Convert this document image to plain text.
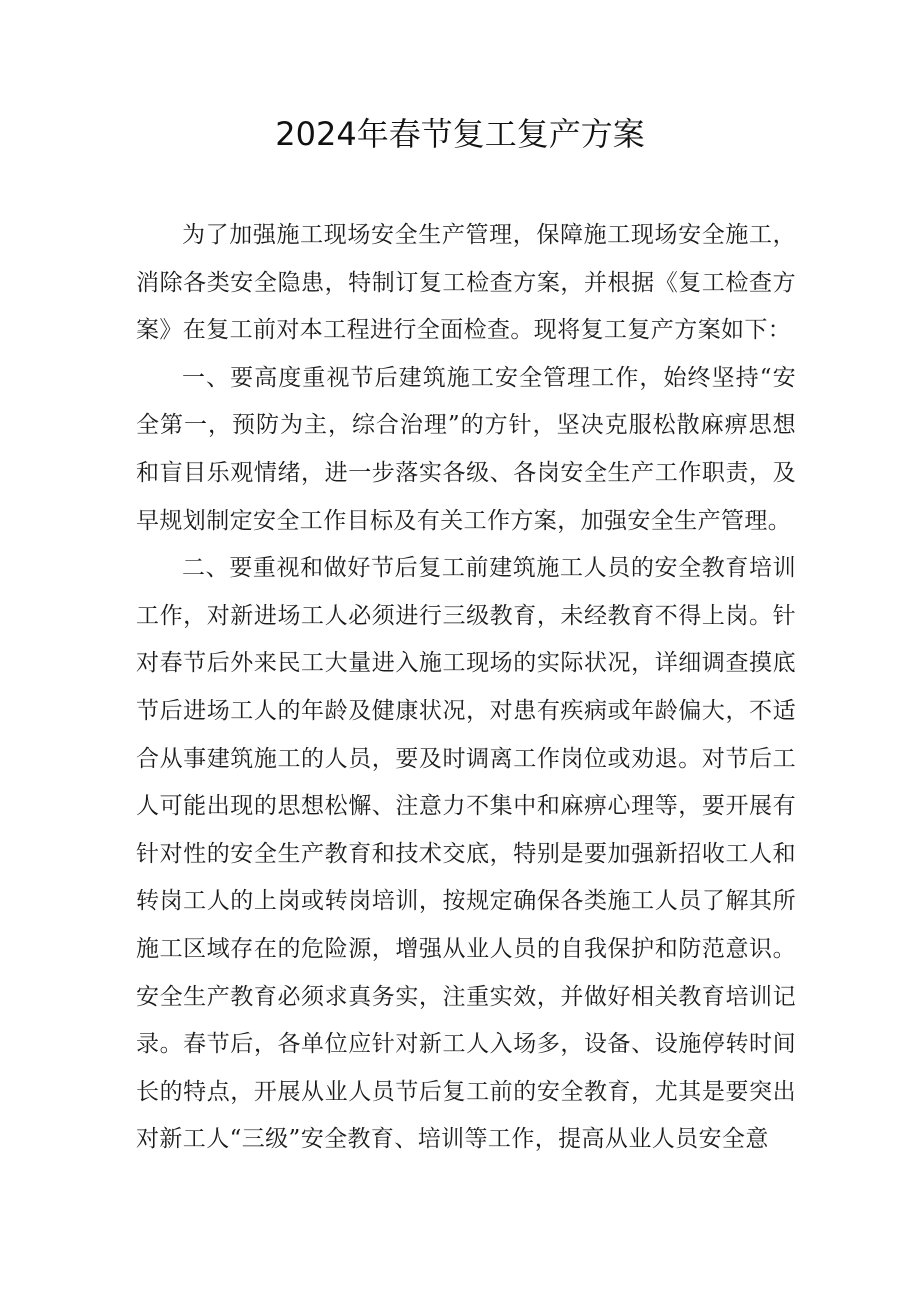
2024年春节复工复产方案

为了加强施工现场安全生产管理，保障施工现场安全施工，消除各类安全隐患，特制订复工检查方案，并根据《复工检查方案》在复工前对本工程进行全面检查。现将复工复产方案如下：

一、要高度重视节后建筑施工安全管理工作，始终坚持“安全第一，预防为主，综合治理”的方针，坚决克服松散麻痹思想和盲目乐观情绪，进一步落实各级、各岗安全生产工作职责，及早规划制定安全工作目标及有关工作方案，加强安全生产管理。

二、要重视和做好节后复工前建筑施工人员的安全教育培训工作，对新进场工人必须进行三级教育，未经教育不得上岗。针对春节后外来民工大量进入施工现场的实际状况，详细调查摸底节后进场工人的年龄及健康状况，对患有疾病或年龄偏大，不适合从事建筑施工的人员，要及时调离工作岗位或劝退。对节后工人可能出现的思想松懈、注意力不集中和麻痹心理等，要开展有针对性的安全生产教育和技术交底，特别是要加强新招收工人和转岗工人的上岗或转岗培训，按规定确保各类施工人员了解其所施工区域存在的危险源，增强从业人员的自我保护和防范意识。安全生产教育必须求真务实，注重实效，并做好相关教育培训记录。春节后，各单位应针对新工人入场多，设备、设施停转时间长的特点，开展从业人员节后复工前的安全教育，尤其是要突出对新工人“三级”安全教育、培训等工作，提高从业人员安全意
